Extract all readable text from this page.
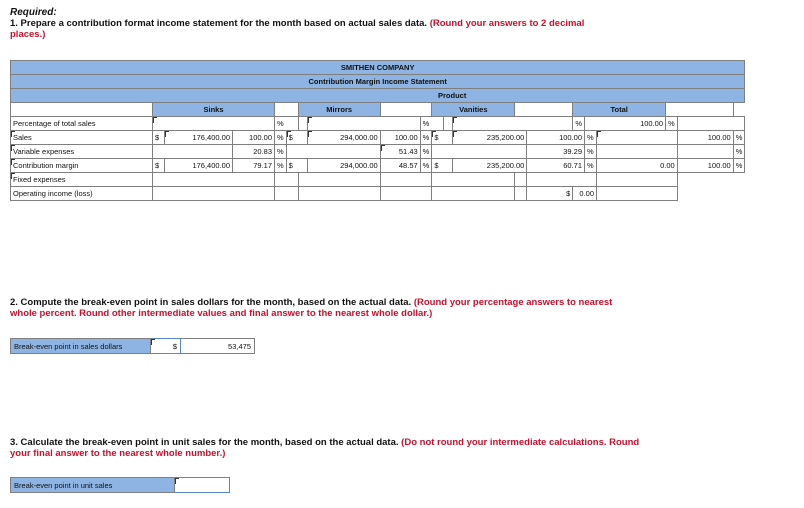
Required:
1. Prepare a contribution format income statement for the month based on actual sales data. (Round your answers to 2 decimal places.)
SMITHEN COMPANY																				
Contribution Margin Income Statement																				
Product																				
	Sinks					Mirrors				Vanities					Total					
Percentage of total sales				%					%						%	100.00		%		
Sales	$	176,400.00	100.00	%	$		294,000.00	100.00	%	$		235,200.00		100.00		%			100.00	%
Variable expenses			20.83	%				51.43	%					39.29		%				%
Contribution margin	$	176,400.00	79.17	%	$		294,000.00	48.57	%	$		235,200.00		60.71		%	0.00		100.00	%
Fixed expenses																				
Operating income (loss)														$	0.00					
2. Compute the break-even point in sales dollars for the month, based on the actual data. (Round your percentage answers to nearest whole percent. Round other intermediate values and final answer to the nearest whole dollar.)
Break-even point in sales dollars	$	53,475
3. Calculate the break-even point in unit sales for the month, based on the actual data. (Do not round your intermediate calculations. Round your final answer to the nearest whole number.)
Break-even point in unit sales	
